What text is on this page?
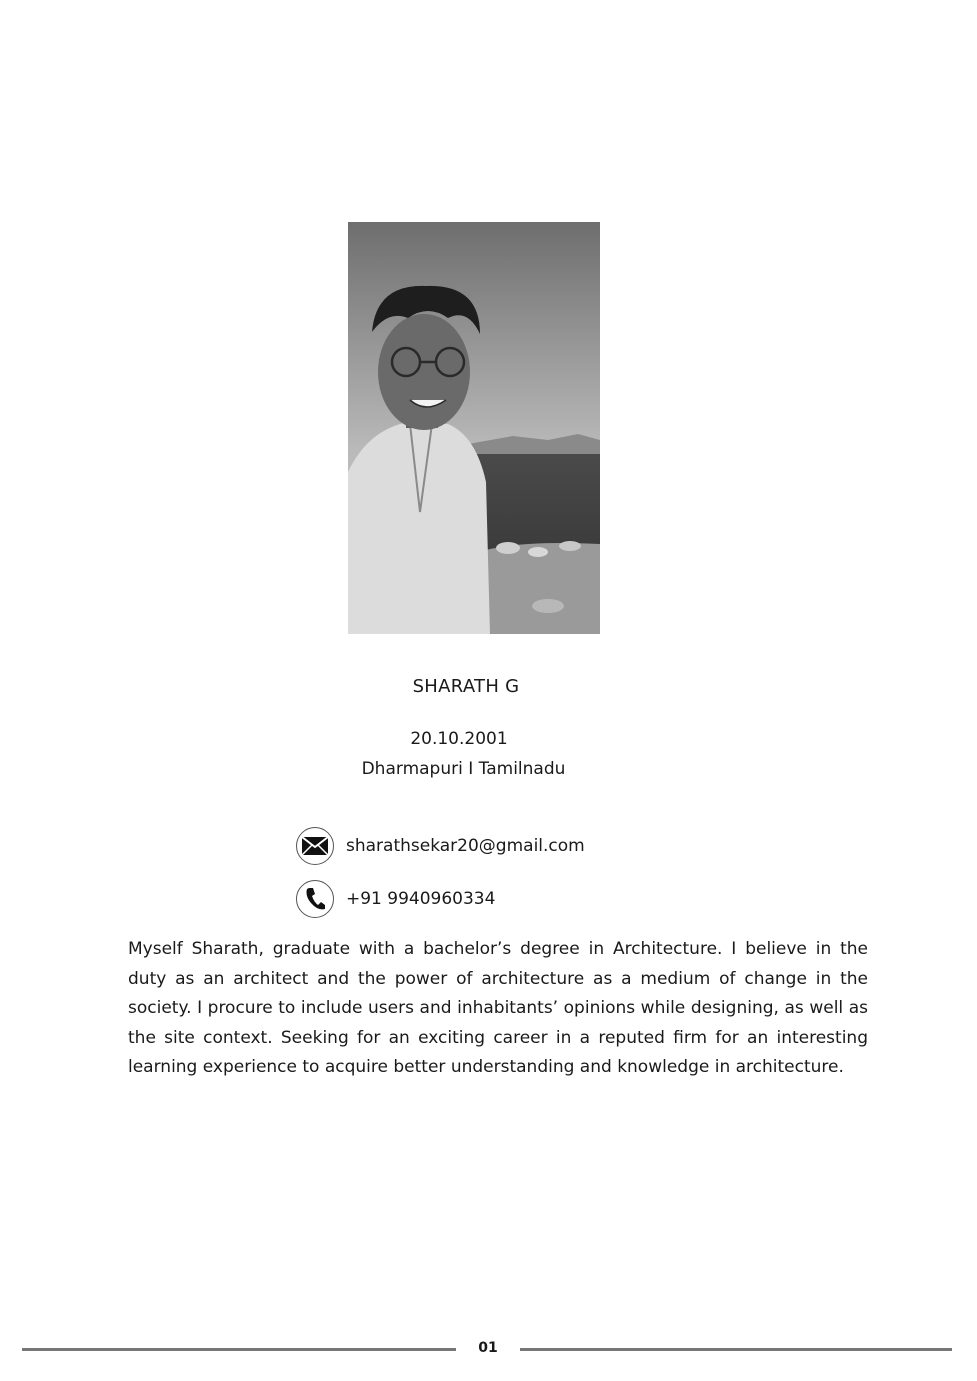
SHARATH G
20.10.2001
Dharmapuri I Tamilnadu
sharathsekar20@gmail.com
+91 9940960334

Myself Sharath, graduate with a bachelor’s degree in Architecture. I believe in the duty as an architect and the power of architecture as a medium of change in the society. I procure to include users and inhabitants’ opinions while designing, as well as the site context. Seeking for an exciting career in a reputed firm for an interesting learning experience to acquire better understanding and knowledge in architecture.

01
